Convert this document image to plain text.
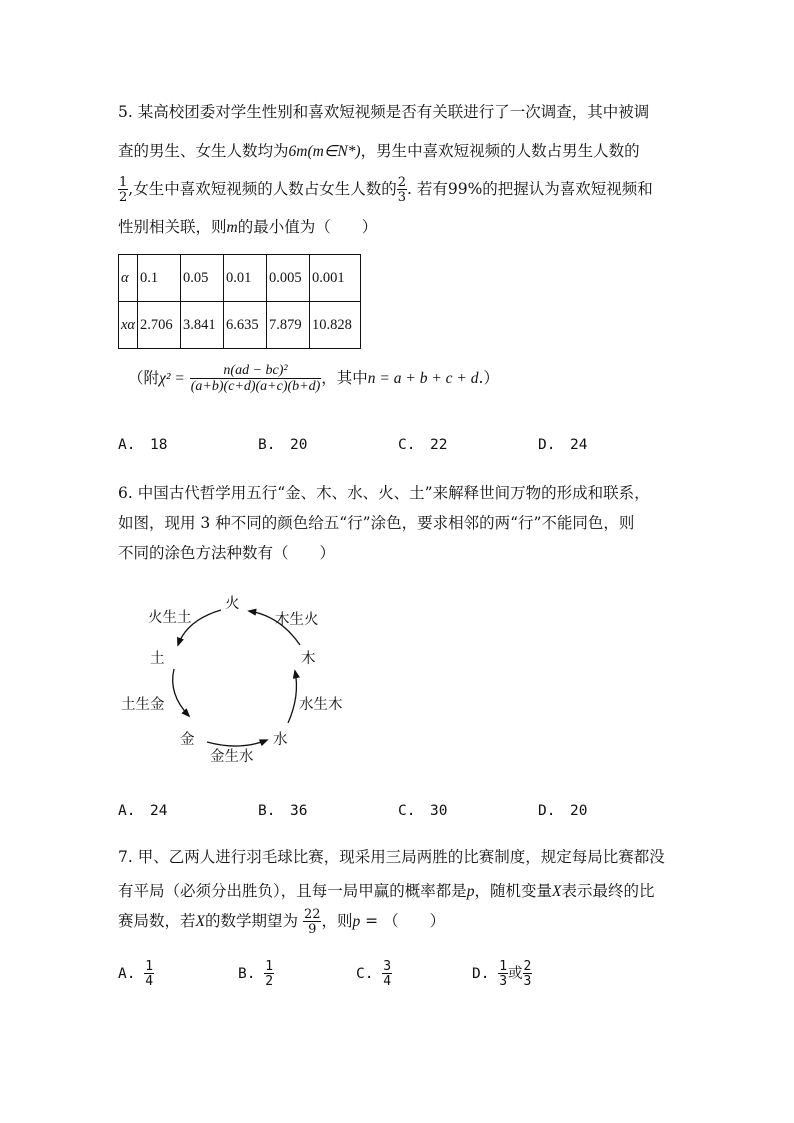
5. 某高校团委对学生性别和喜欢短视频是否有关联进行了一次调查，其中被调
查的男生、女生人数均为6m(m∈N*)，男生中喜欢短视频的人数占男生人数的
$\frac{1}{2}$ ,女生中喜欢短视频的人数占女生人数的 $\frac{2}{3}$ . 若有99%的把握认为喜欢短视频和
性别相关联，则m的最小值为（　　）
α	0.1	0.05	0.01	0.005	0.001
xα	2.706	3.841	6.635	7.879	10.828
（附$\chi^2 = \frac{\text{n(ad − bc)²}}{(a+b)(c+d)(a+c)(b+d)}$ ，其中n = a + b + c + d.）
A.　18	B.　20	C.　22	D.　24
6. 中国古代哲学用五行“金、木、水、火、土”来解释世间万物的形成和联系，
如图，现用 3 种不同的颜色给五“行”涂色，要求相邻的两“行”不能同色，则
不同的涂色方法种数有（　　）
火
土	木
金	水
火生土	木生火
土生金	水生木
金生水
A.　24	B.　36	C.　30	D.　20
7. 甲、乙两人进行羽毛球比赛，现采用三局两胜的比赛制度，规定每局比赛都没
有平局（必须分出胜负），且每一局甲赢的概率都是p，随机变量X表示最终的比
赛局数，若X的数学期望为 $\frac{22}{9}$ ，则p = （　　）
A. $\frac{1}{4}$	B. $\frac{1}{2}$	C. $\frac{3}{4}$	D. $\frac{1}{3}$ 或 $\frac{2}{3}$
